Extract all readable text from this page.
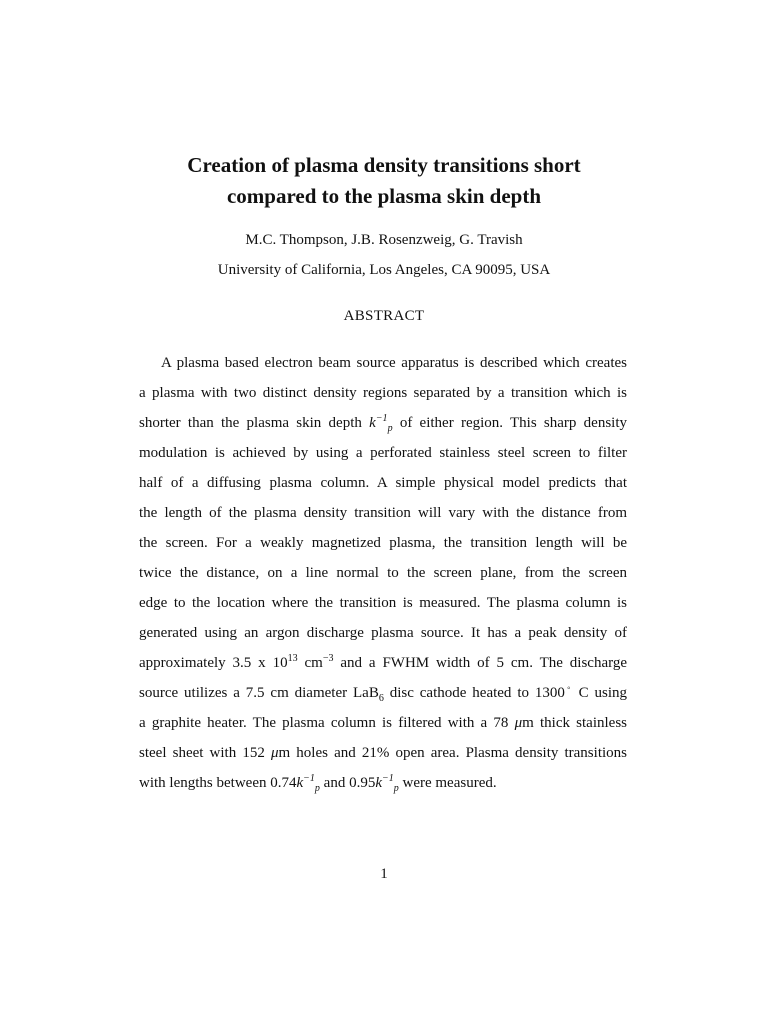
Creation of plasma density transitions short
compared to the plasma skin depth

M.C. Thompson, J.B. Rosenzweig, G. Travish

University of California, Los Angeles, CA 90095, USA

ABSTRACT

A plasma based electron beam source apparatus is described which creates
a plasma with two distinct density regions separated by a transition which is
shorter than the plasma skin depth $k^{-1}_p$ of either region. This sharp density
modulation is achieved by using a perforated stainless steel screen to filter
half of a diffusing plasma column. A simple physical model predicts that
the length of the plasma density transition will vary with the distance from
the screen. For a weakly magnetized plasma, the transition length will be
twice the distance, on a line normal to the screen plane, from the screen
edge to the location where the transition is measured. The plasma column is
generated using an argon discharge plasma source. It has a peak density of
approximately 3.5 x $10^{13}$ $cm^{-3}$ and a FWHM width of 5 cm. The discharge
source utilizes a 7.5 cm diameter LaB$_6$ disc cathode heated to 1300◦ C using
a graphite heater. The plasma column is filtered with a 78 μm thick stainless
steel sheet with 152 μm holes and 21% open area. Plasma density transitions
with lengths between $0.74k^{-1}_p$ and $0.95k^{-1}_p$ were measured.
1
